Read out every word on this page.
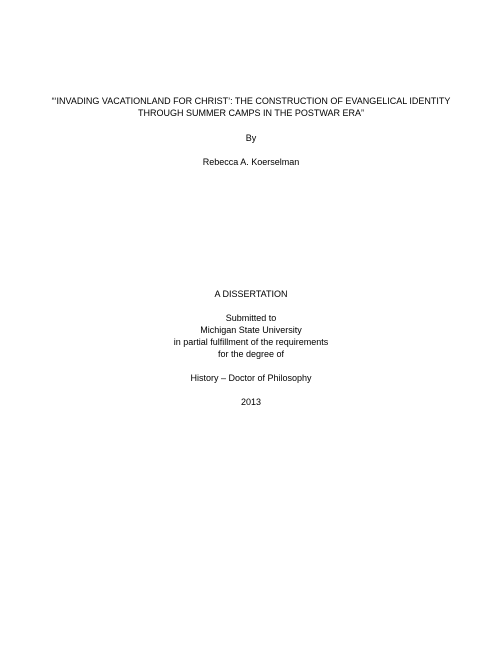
“‘INVADING VACATIONLAND FOR CHRIST’: THE CONSTRUCTION OF EVANGELICAL IDENTITY
THROUGH SUMMER CAMPS IN THE POSTWAR ERA”
By
Rebecca A. Koerselman
A DISSERTATION
Submitted to
Michigan State University
in partial fulfillment of the requirements
for the degree of
History – Doctor of Philosophy
2013
